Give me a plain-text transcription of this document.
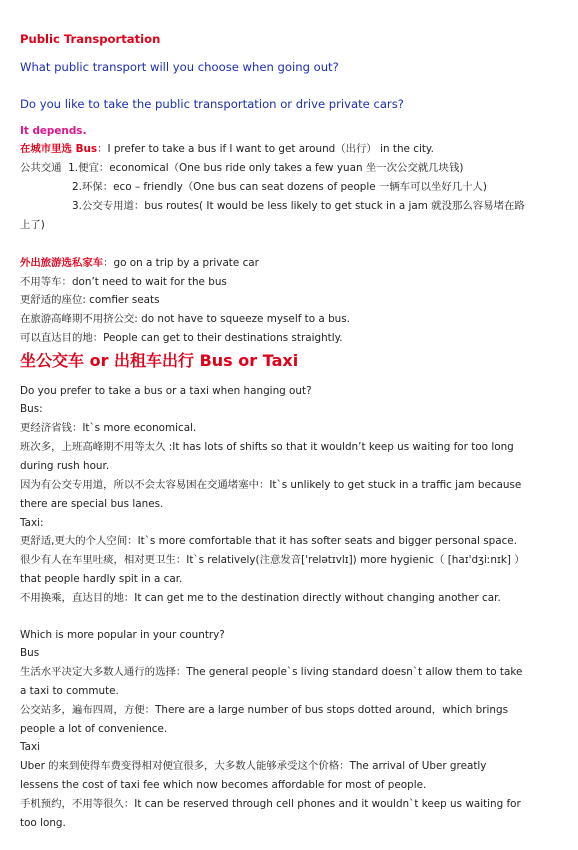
Public Transportation
What public transport will you choose when going out?
Do you like to take the public transportation or drive private cars?
It depends.
在城市里选 Bus：I prefer to take a bus if I want to get around（出行） in the city.
公共交通 1.便宜：economical（One bus ride only takes a few yuan 坐一次公交就几块钱)
2.环保：eco – friendly（One bus can seat dozens of people 一辆车可以坐好几十人)
3.公交专用道：bus routes( It would be less likely to get stuck in a jam 就没那么容易堵在路
上了)
外出旅游选私家车：go on a trip by a private car
不用等车：don’t need to wait for the bus
更舒适的座位: comfier seats
在旅游高峰期不用挤公交: do not have to squeeze myself to a bus.
可以直达目的地：People can get to their destinations straightly.
坐公交车 or 出租车出行 Bus or Taxi
Do you prefer to take a bus or a taxi when hanging out?
Bus:
更经济省钱：It`s more economical.
班次多，上班高峰期不用等太久 :It has lots of shifts so that it wouldn’t keep us waiting for too long
during rush hour.
因为有公交专用道，所以不会太容易困在交通堵塞中：It`s unlikely to get stuck in a traffic jam because
there are special bus lanes.
Taxi:
更舒适,更大的个人空间：It`s more comfortable that it has softer seats and bigger personal space.
很少有人在车里吐痰，相对更卫生：It`s relatively(注意发音['relətɪvlɪ]) more hygienic（ [haɪ'dʒiːnɪk] ）
that people hardly spit in a car.
不用换乘，直达目的地：It can get me to the destination directly without changing another car.
Which is more popular in your country?
Bus
生活水平决定大多数人通行的选择：The general people`s living standard doesn`t allow them to take
a taxi to commute.
公交站多，遍布四周，方便：There are a large number of bus stops dotted around，which brings
people a lot of convenience.
Taxi
Uber 的来到使得车费变得相对便宜很多，大多数人能够承受这个价格：The arrival of Uber greatly
lessens the cost of taxi fee which now becomes affordable for most of people.
手机预约，不用等很久：It can be reserved through cell phones and it wouldn`t keep us waiting for
too long.
